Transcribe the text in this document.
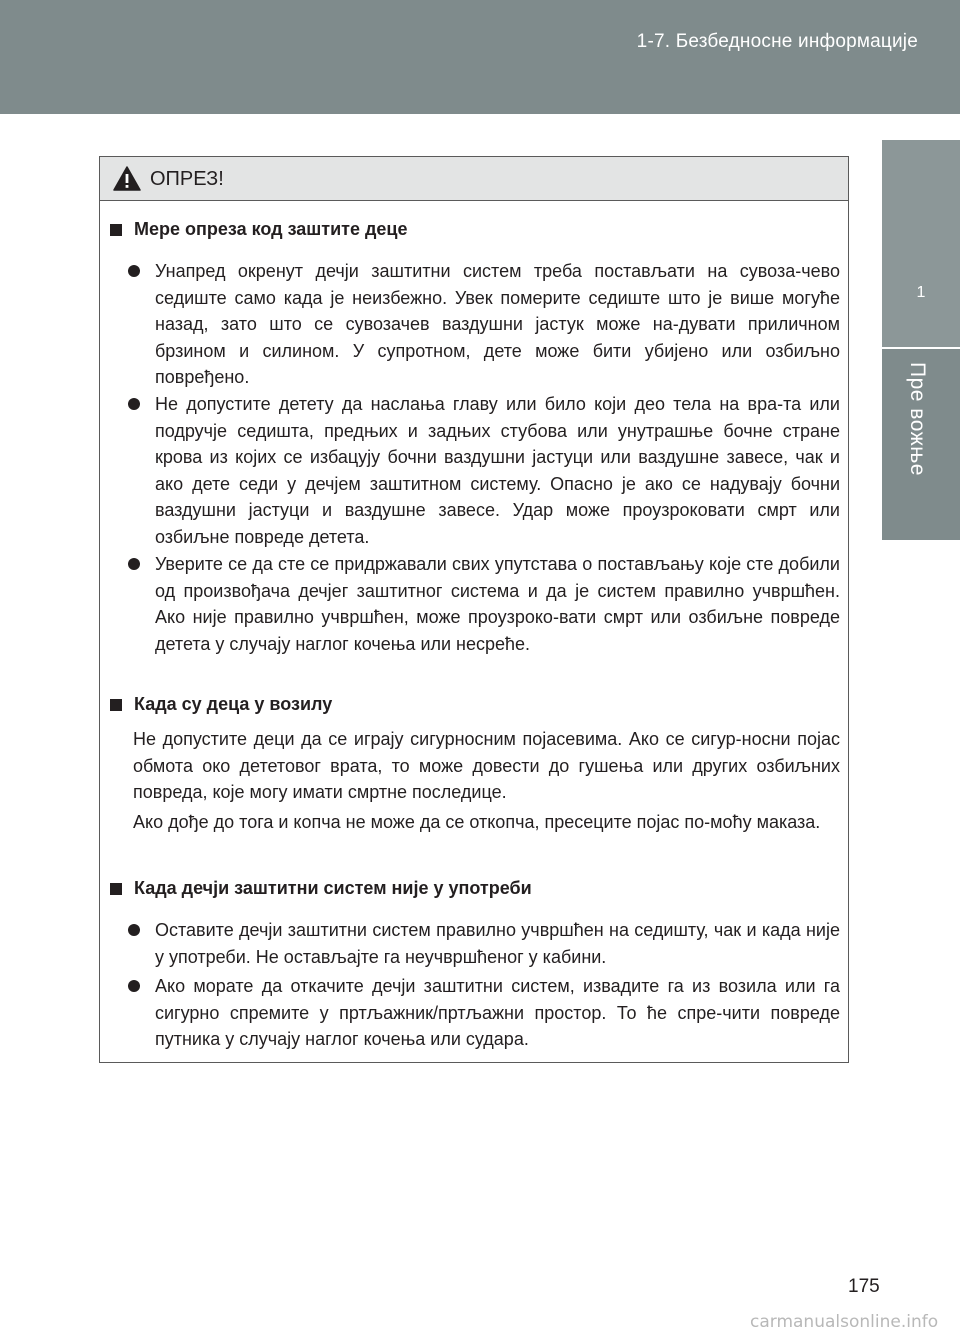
1-7. Безбедносне информације
1
Пре вожње
ОПРЕЗ!
Мере опреза код заштите деце
Унапред окренут дечји заштитни систем треба постављати на сувоза-чево седиште само када је неизбежно. Увек померите седиште што је више могуће назад, зато што се сувозачев ваздушни јастук може на-дувати приличном брзином и силином. У супротном, дете може бити убијено или озбиљно повређено.
Не допустите детету да наслања главу или било који део тела на вра-та или подручје седишта, предњих и задњих стубова или унутрашње бочне стране крова из којих се избацују бочни ваздушни јастуци или ваздушне завесе, чак и ако дете седи у дечјем заштитном систему. Опасно је ако се надувају бочни ваздушни јастуци и ваздушне завесе. Удар може проузроковати смрт или озбиљне повреде детета.
Уверите се да сте се придржавали свих упутстава о постављању које сте добили од произвођача дечјег заштитног система и да је систем правилно учвршћен. Ако није правилно учвршћен, може проузроко-вати смрт или озбиљне повреде детета у случају наглог кочења или несреће.
Када су деца у возилу
Не допустите деци да се играју сигурносним појасевима. Ако се сигур-носни појас обмота око дететовог врата, то може довести до гушења или других озбиљних повреда, које могу имати смртне последице.
Ако дође до тога и копча не може да се откопча, пресеците појас по-моћу маказа.
Када дечји заштитни систем није у употреби
Оставите дечји заштитни систем правилно учвршћен на седишту, чак и када није у употреби. Не остављајте га неучвршћеног у кабини.
Ако морате да откачите дечји заштитни систем, извадите га из возила или га сигурно спремите у пртљажник/пртљажни простор. То ће спре-чити повреде путника у случају наглог кочења или судара.
175
carmanualsonline.info
